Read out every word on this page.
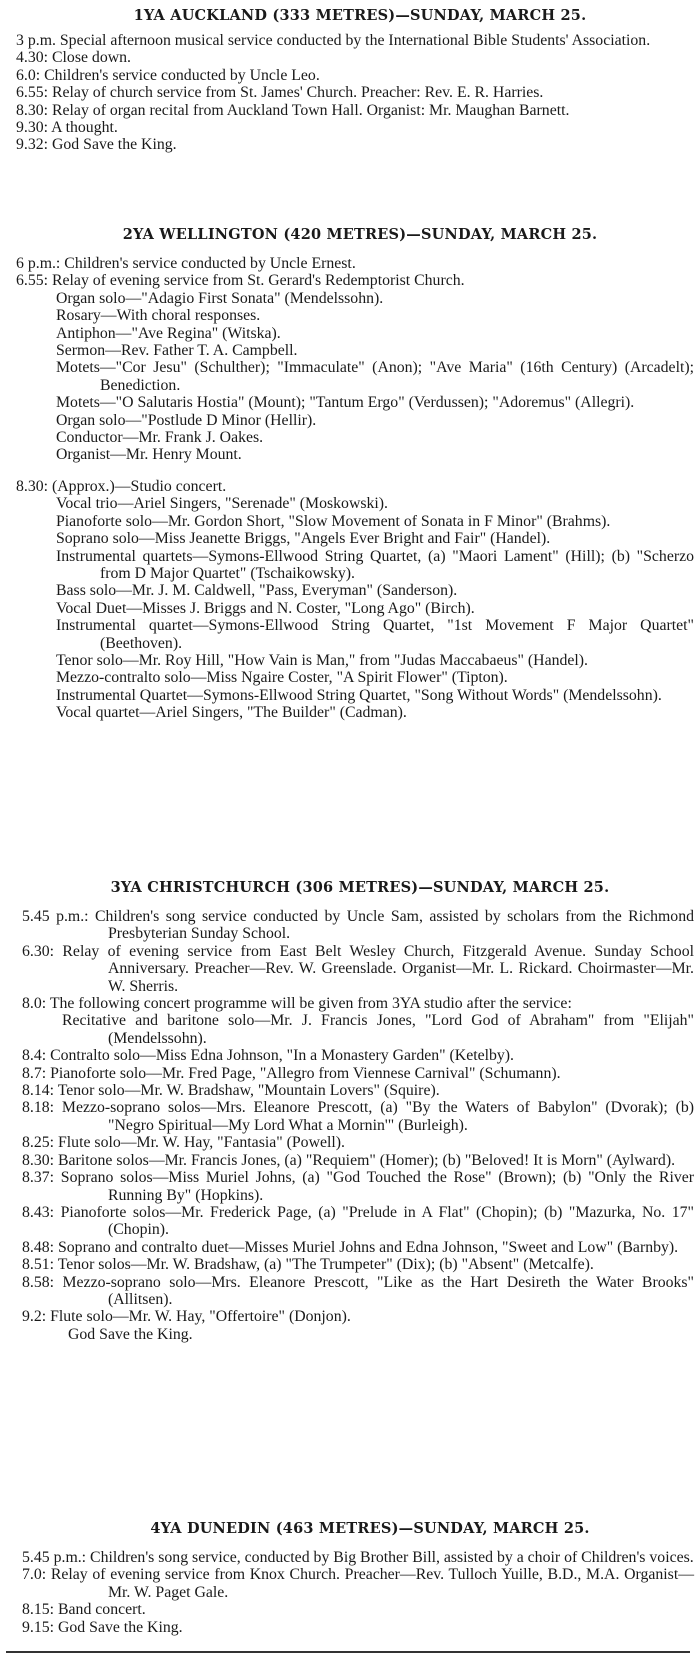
1YA AUCKLAND (333 METRES)—SUNDAY, MARCH 25.
3 p.m. Special afternoon musical service conducted by the International Bible Students' Association.
4.30: Close down.
6.0: Children's service conducted by Uncle Leo.
6.55: Relay of church service from St. James' Church. Preacher: Rev. E. R. Harries.
8.30: Relay of organ recital from Auckland Town Hall. Organist: Mr. Maughan Barnett.
9.30: A thought.
9.32: God Save the King.
2YA WELLINGTON (420 METRES)—SUNDAY, MARCH 25.
6 p.m.: Children's service conducted by Uncle Ernest.
6.55: Relay of evening service from St. Gerard's Redemptorist Church.
Organ solo—"Adagio First Sonata" (Mendelssohn).
Rosary—With choral responses.
Antiphon—"Ave Regina" (Witska).
Sermon—Rev. Father T. A. Campbell.
Motets—"Cor Jesu" (Schulther); "Immaculate" (Anon); "Ave Maria" (16th Century) (Arcadelt); Benediction.
Motets—"O Salutaris Hostia" (Mount); "Tantum Ergo" (Verdussen); "Adoremus" (Allegri).
Organ solo—"Postlude D Minor (Hellir).
Conductor—Mr. Frank J. Oakes.
Organist—Mr. Henry Mount.
8.30: (Approx.)—Studio concert.
Vocal trio—Ariel Singers, "Serenade" (Moskowski).
Pianoforte solo—Mr. Gordon Short, "Slow Movement of Sonata in F Minor" (Brahms).
Soprano solo—Miss Jeanette Briggs, "Angels Ever Bright and Fair" (Handel).
Instrumental quartets—Symons-Ellwood String Quartet, (a) "Maori Lament" (Hill); (b) "Scherzo from D Major Quartet" (Tschaikowsky).
Bass solo—Mr. J. M. Caldwell, "Pass, Everyman" (Sanderson).
Vocal Duet—Misses J. Briggs and N. Coster, "Long Ago" (Birch).
Instrumental quartet—Symons-Ellwood String Quartet, "1st Movement F Major Quartet" (Beethoven).
Tenor solo—Mr. Roy Hill, "How Vain is Man," from "Judas Maccabaeus" (Handel).
Mezzo-contralto solo—Miss Ngaire Coster, "A Spirit Flower" (Tipton).
Instrumental Quartet—Symons-Ellwood String Quartet, "Song Without Words" (Mendelssohn).
Vocal quartet—Ariel Singers, "The Builder" (Cadman).
3YA CHRISTCHURCH (306 METRES)—SUNDAY, MARCH 25.
5.45 p.m.: Children's song service conducted by Uncle Sam, assisted by scholars from the Richmond Presbyterian Sunday School.
6.30: Relay of evening service from East Belt Wesley Church, Fitzgerald Avenue. Sunday School Anniversary. Preacher—Rev. W. Greenslade. Organist—Mr. L. Rickard. Choirmaster—Mr. W. Sherris.
8.0: The following concert programme will be given from 3YA studio after the service:
Recitative and baritone solo—Mr. J. Francis Jones, "Lord God of Abraham" from "Elijah" (Mendelssohn).
8.4: Contralto solo—Miss Edna Johnson, "In a Monastery Garden" (Ketelby).
8.7: Pianoforte solo—Mr. Fred Page, "Allegro from Viennese Carnival" (Schumann).
8.14: Tenor solo—Mr. W. Bradshaw, "Mountain Lovers" (Squire).
8.18: Mezzo-soprano solos—Mrs. Eleanore Prescott, (a) "By the Waters of Babylon" (Dvorak); (b) "Negro Spiritual—My Lord What a Mornin'" (Burleigh).
8.25: Flute solo—Mr. W. Hay, "Fantasia" (Powell).
8.30: Baritone solos—Mr. Francis Jones, (a) "Requiem" (Homer); (b) "Beloved! It is Morn" (Aylward).
8.37: Soprano solos—Miss Muriel Johns, (a) "God Touched the Rose" (Brown); (b) "Only the River Running By" (Hopkins).
8.43: Pianoforte solos—Mr. Frederick Page, (a) "Prelude in A Flat" (Chopin); (b) "Mazurka, No. 17" (Chopin).
8.48: Soprano and contralto duet—Misses Muriel Johns and Edna Johnson, "Sweet and Low" (Barnby).
8.51: Tenor solos—Mr. W. Bradshaw, (a) "The Trumpeter" (Dix); (b) "Absent" (Metcalfe).
8.58: Mezzo-soprano solo—Mrs. Eleanore Prescott, "Like as the Hart Desireth the Water Brooks" (Allitsen).
9.2: Flute solo—Mr. W. Hay, "Offertoire" (Donjon).
God Save the King.
4YA DUNEDIN (463 METRES)—SUNDAY, MARCH 25.
5.45 p.m.: Children's song service, conducted by Big Brother Bill, assisted by a choir of Children's voices.
7.0: Relay of evening service from Knox Church. Preacher—Rev. Tulloch Yuille, B.D., M.A. Organist—Mr. W. Paget Gale.
8.15: Band concert.
9.15: God Save the King.
